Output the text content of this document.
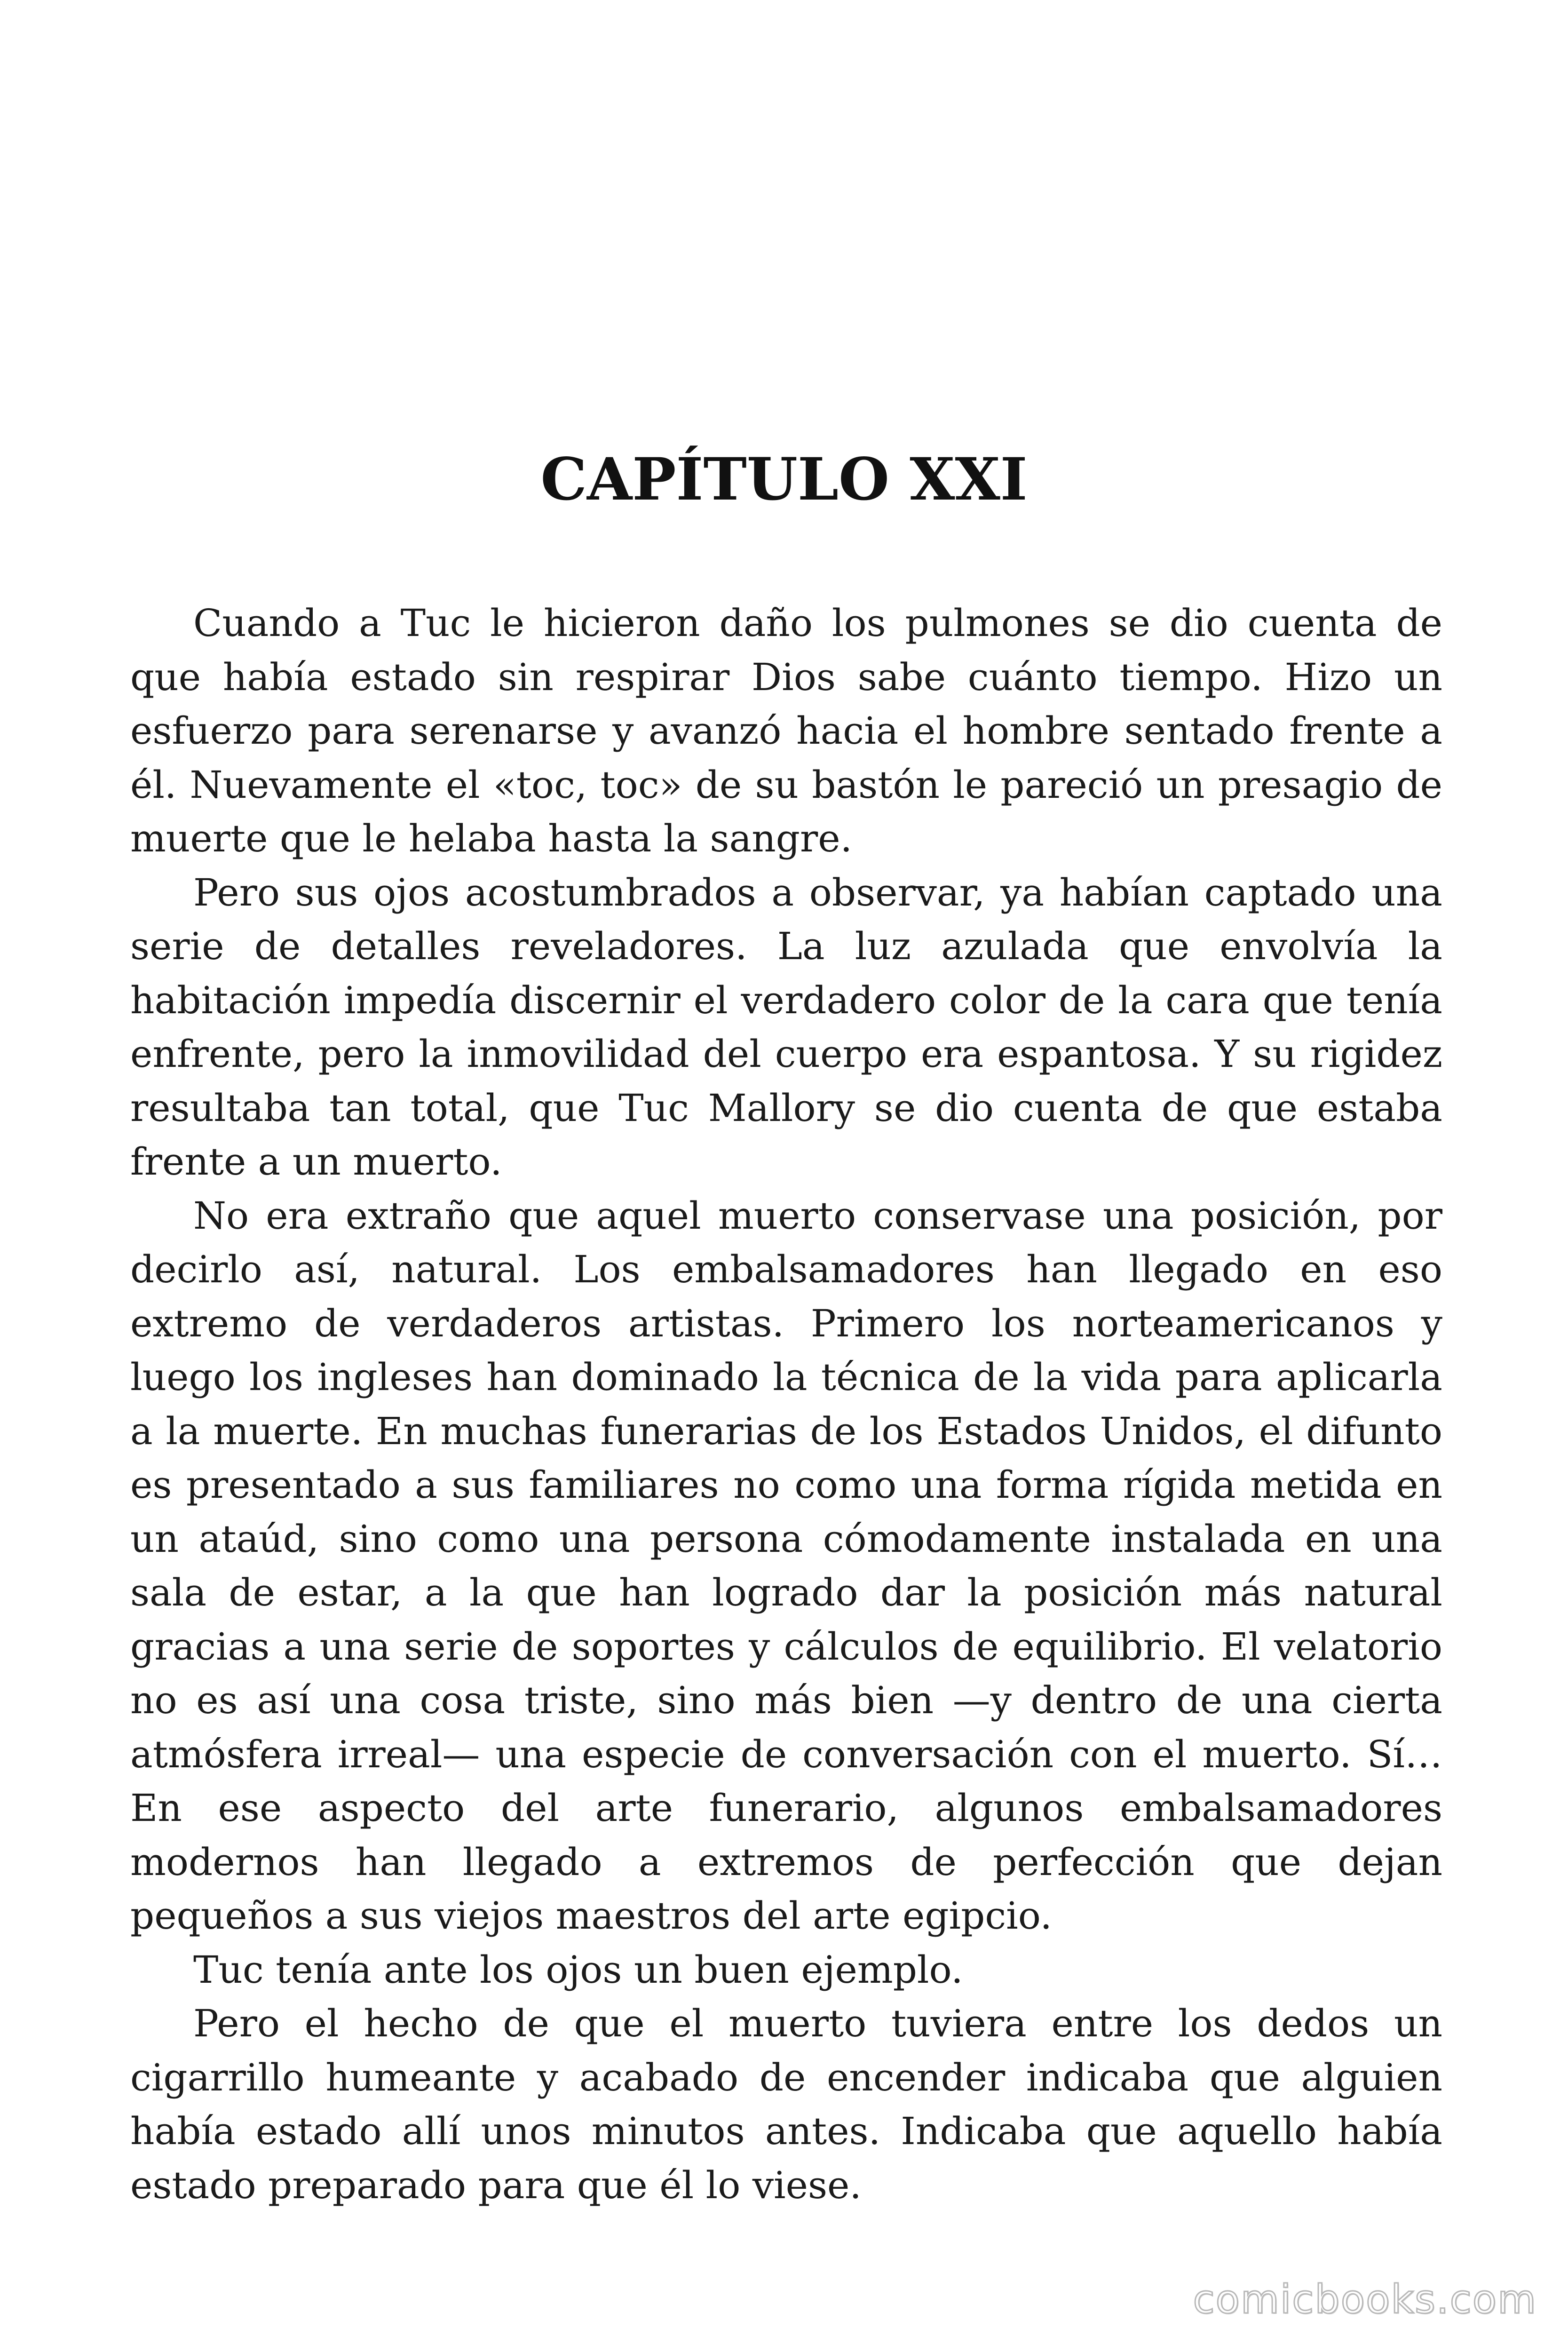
CAPÍTULO XXI

Cuando a Tuc le hicieron daño los pulmones se dio cuenta de que había estado sin respirar Dios sabe cuánto tiempo. Hizo un esfuerzo para serenarse y avanzó hacia el hombre sentado frente a él. Nuevamente el «toc, toc» de su bastón le pareció un presagio de muerte que le helaba hasta la sangre.

Pero sus ojos acostumbrados a observar, ya habían captado una serie de detalles reveladores. La luz azulada que envolvía la habitación impedía discernir el verdadero color de la cara que tenía enfrente, pero la inmovilidad del cuerpo era espantosa. Y su rigidez resultaba tan total, que Tuc Mallory se dio cuenta de que estaba frente a un muerto.

No era extraño que aquel muerto conservase una posición, por decirlo así, natural. Los embalsamadores han llegado en eso extremo de verdaderos artistas. Primero los norteamericanos y luego los ingleses han dominado la técnica de la vida para aplicarla a la muerte. En muchas funerarias de los Estados Unidos, el difunto es presentado a sus familiares no como una forma rígida metida en un ataúd, sino como una persona cómodamente instalada en una sala de estar, a la que han logrado dar la posición más natural gracias a una serie de soportes y cálculos de equilibrio. El velatorio no es así una cosa triste, sino más bien —y dentro de una cierta atmósfera irreal— una especie de conversación con el muerto. Sí… En ese aspecto del arte funerario, algunos embalsamadores modernos han llegado a extremos de perfección que dejan pequeños a sus viejos maestros del arte egipcio.

Tuc tenía ante los ojos un buen ejemplo.

Pero el hecho de que el muerto tuviera entre los dedos un cigarrillo humeante y acabado de encender indicaba que alguien había estado allí unos minutos antes. Indicaba que aquello había estado preparado para que él lo viese.

comicbooks.com
